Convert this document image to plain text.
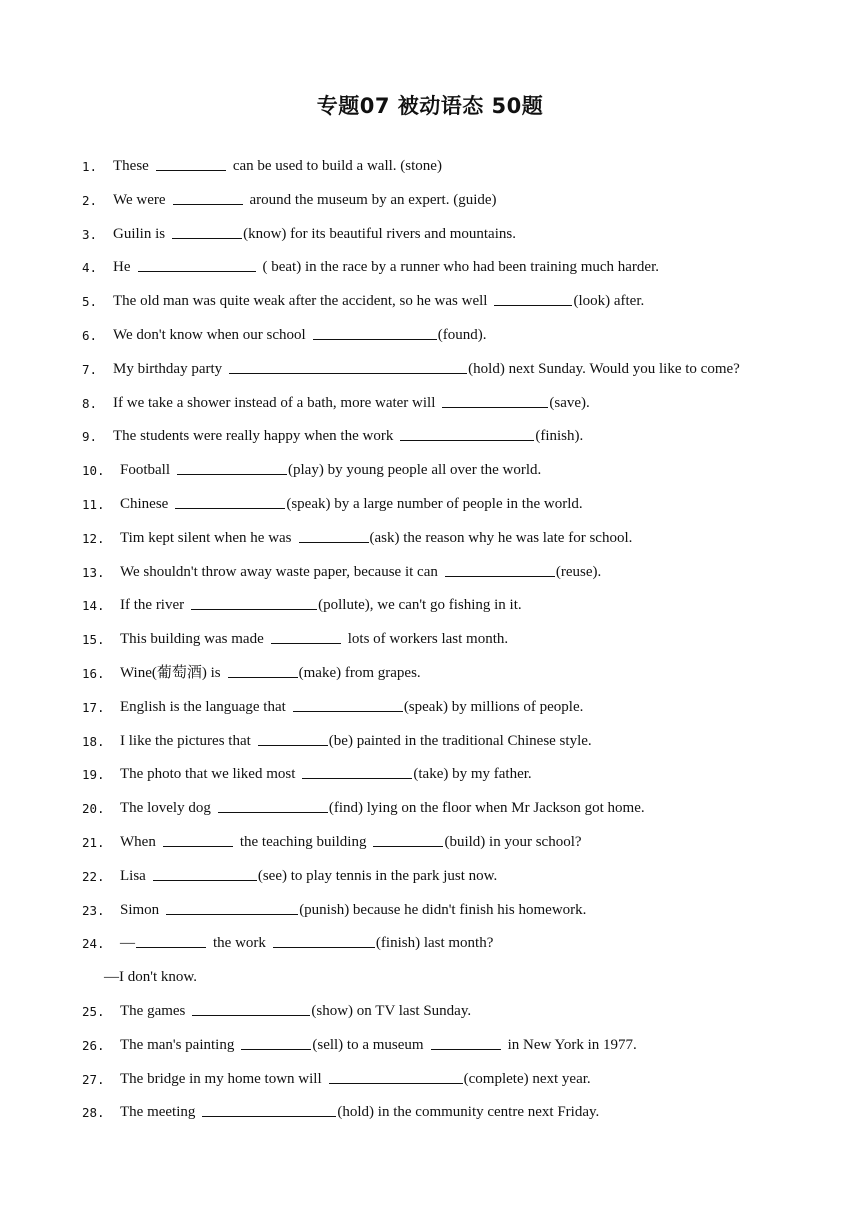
专题07 被动语态 50题
1. These	can be used to build a wall. (stone)
2. We were	around the museum by an expert. (guide)
3. Guilin is	(know) for its beautiful rivers and mountains.
4. He	( beat) in the race by a runner who had been training much harder.
5. The old man was quite weak after the accident, so he was well	(look) after.
6. We don't know when our school	(found).
7. My birthday party	(hold) next Sunday. Would you like to come?
8. If we take a shower instead of a bath, more water will	(save).
9. The students were really happy when the work	(finish).
10. Football	(play) by young people all over the world.
11. Chinese	(speak) by a large number of people in the world.
12. Tim kept silent when he was	(ask) the reason why he was late for school.
13. We shouldn't throw away waste paper, because it can	(reuse).
14. If the river	(pollute), we can't go fishing in it.
15. This building was made	lots of workers last month.
16. Wine(葡萄酒) is	(make) from grapes.
17. English is the language that	(speak) by millions of people.
18. I like the pictures that	(be) painted in the traditional Chinese style.
19. The photo that we liked most	(take) by my father.
20. The lovely dog	(find) lying on the floor when Mr Jackson got home.
21. When	the teaching building	(build) in your school?
22. Lisa	(see) to play tennis in the park just now.
23. Simon	(punish) because he didn't finish his homework.
24. —	the work	(finish) last month?
—I don't know.
25. The games	(show) on TV last Sunday.
26. The man's painting	(sell) to a museum	in New York in 1977.
27. The bridge in my home town will	(complete) next year.
28. The meeting	(hold) in the community centre next Friday.
